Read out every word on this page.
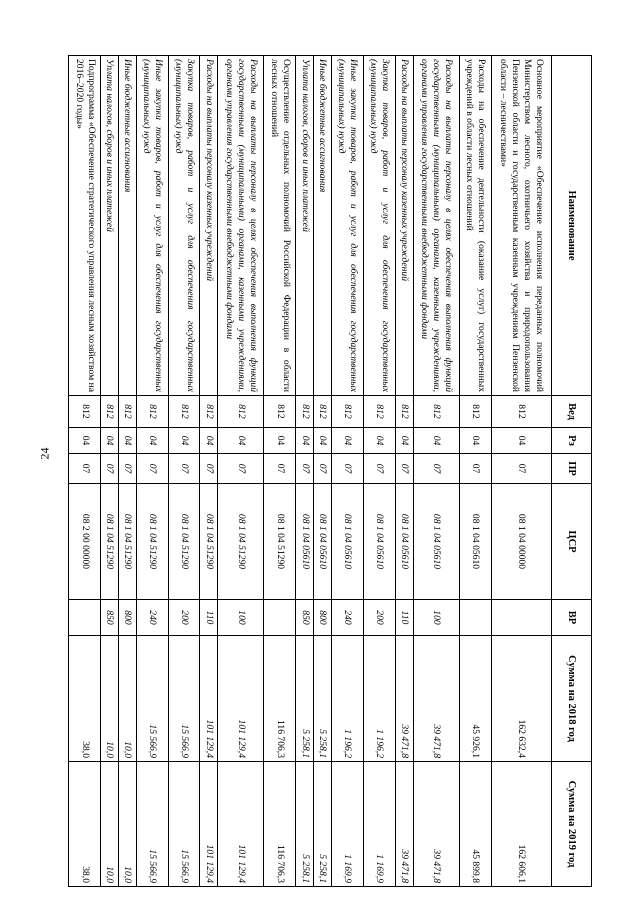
24
Наименование	Вед	Рз	ПР	ЦСР	ВР	Сумма на 2018 год	Сумма на 2019 год
Основное мероприятие «Обеспечение исполнения переданных полномочий Министерством лесного, охотничьего хозяйства и природопользования Пензенской области и государственным казенным учреждениям Пензенской области – лесничествами»	812	04	07	08 1 04 00000		162 632,4	162 606,1
Расходы на обеспечение деятельности (оказание услуг) государственных учреждений в области лесных отношений	812	04	07	08 1 04 05610		45 926,1	45 899,8
Расходы на выплаты персоналу в целях обеспечения выполнения функций государственными (муниципальными) органами, казенными учреждениями, органами управления государственными внебюджетными фондами	812	04	07	08 1 04 05610	100	39 471,8	39 471,8
Расходы на выплаты персоналу казенных учреждений	812	04	07	08 1 04 05610	110	39 471,8	39 471,8
Закупка товаров, работ и услуг для обеспечения государственных (муниципальных) нужд	812	04	07	08 1 04 05610	200	1 196,2	1 169,9
Иные закупки товаров, работ и услуг для обеспечения государственных (муниципальных) нужд	812	04	07	08 1 04 05610	240	1 196,2	1 169,9
Иные бюджетные ассигнования	812	04	07	08 1 04 05610	800	5 258,1	5 258,1
Уплата налогов, сборов и иных платежей	812	04	07	08 1 04 05610	850	5 258,1	5 258,1
Осуществление отдельных полномочий Российской Федерации в области лесных отношений	812	04	07	08 1 04 51290		116 706,3	116 706,3
Расходы на выплаты персоналу в целях обеспечения выполнения функций государственными (муниципальными) органами, казенными учреждениями, органами управления государственными внебюджетными фондами	812	04	07	08 1 04 51290	100	101 129,4	101 129,4
Расходы на выплаты персоналу казенных учреждений	812	04	07	08 1 04 51290	110	101 129,4	101 129,4
Закупка товаров, работ и услуг для обеспечения государственных (муниципальных) нужд	812	04	07	08 1 04 51290	200	15 566,9	15 566,9
Иные закупки товаров, работ и услуг для обеспечения государственных (муниципальных) нужд	812	04	07	08 1 04 51290	240	15 566,9	15 566,9
Иные бюджетные ассигнования	812	04	07	08 1 04 51290	800	10,0	10,0
Уплата налогов, сборов и иных платежей	812	04	07	08 1 04 51290	850	10,0	10,0
Подпрограмма «Обеспечение стратегического управления лесным хозяйством на 2016–2020 годы»	812	04	07	08 2 00 00000		38,0	38,0
